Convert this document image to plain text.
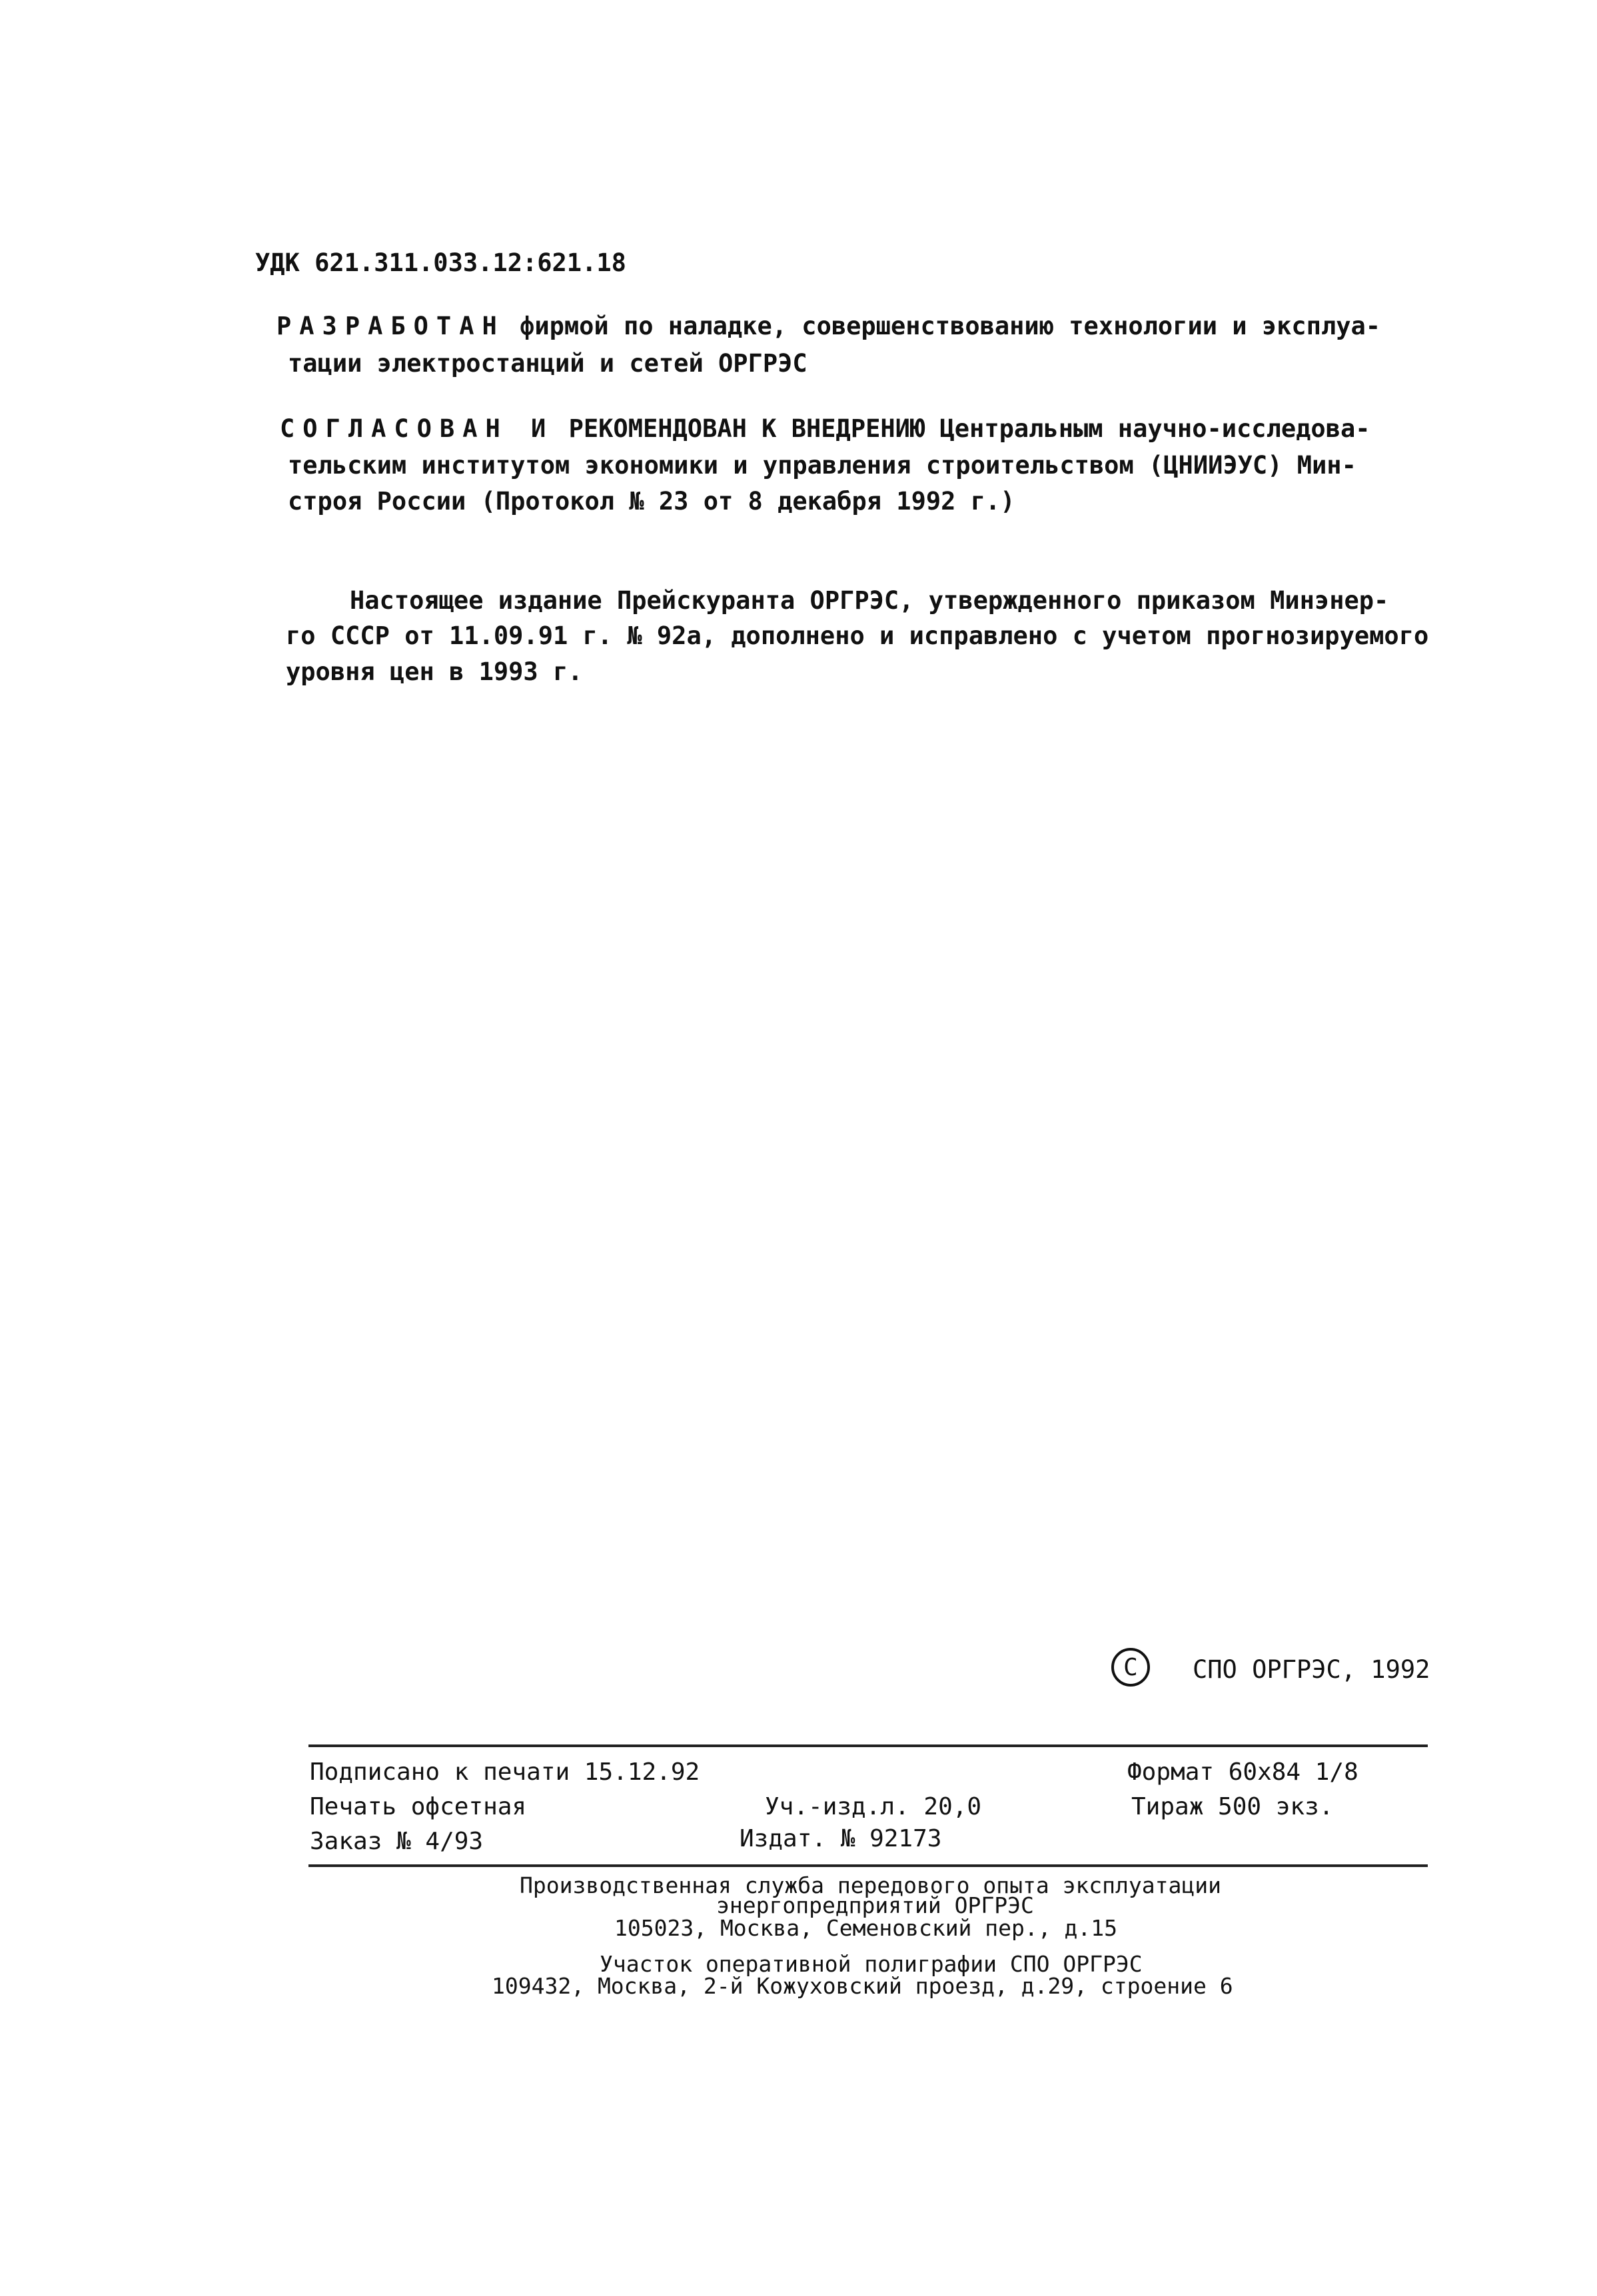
УДК 621.311.033.12:621.18
РАЗРАБОТАН фирмой по наладке, совершенствованию технологии и эксплуа-
тации электростанций и сетей ОРГРЭС
СОГЛАСОВАН И РЕКОМЕНДОВАН К ВНЕДРЕНИЮ Центральным научно-исследова-
тельским институтом экономики и управления строительством (ЦНИИЭУС) Мин-
строя России (Протокол № 23 от 8 декабря 1992 г.)
Настоящее издание Прейскуранта ОРГРЭС, утвержденного приказом Минэнер-
го СССР от 11.09.91 г. № 92а, дополнено и исправлено с учетом прогнозируемого
уровня цен в 1993 г.
C СПО ОРГРЭС, 1992
Подписано к печати 15.12.92
Печать офсетная
Заказ № 4/93
Уч.-изд.л. 20,0
Издат. № 92173
Формат 60х84 1/8
Тираж 500 экз.
Производственная служба передового опыта эксплуатации
энергопредприятий ОРГРЭС
105023, Москва, Семеновский пер., д.15
Участок оперативной полиграфии СПО ОРГРЭС
109432, Москва, 2-й Кожуховский проезд, д.29, строение 6
